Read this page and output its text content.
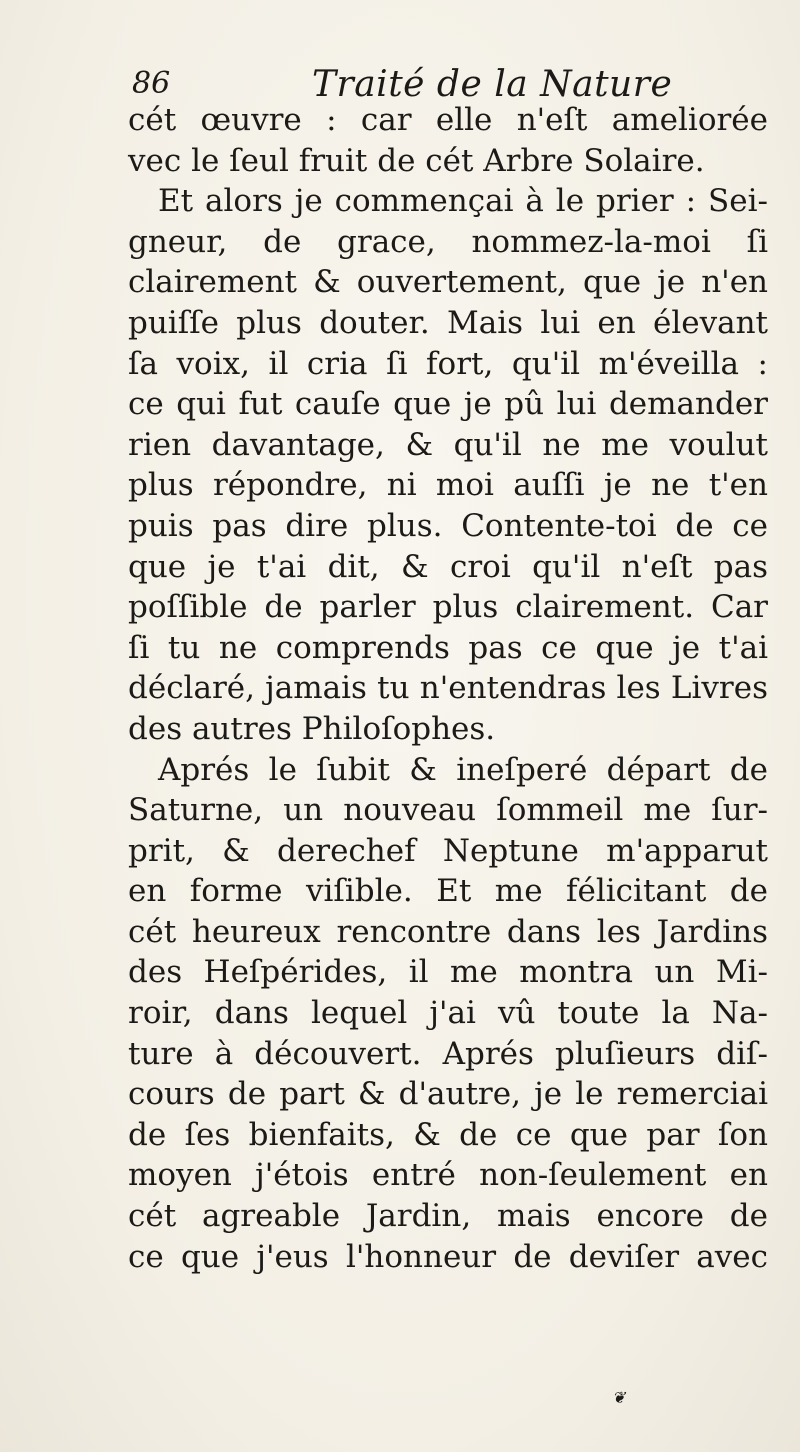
86	Traité de la Nature
cét œuvre : car elle n'eſt ameliorée
vec le ſeul fruit de cét Arbre Solaire.
Et alors je commençai à le prier : Sei-
gneur, de grace, nommez-la-moi ſi
clairement & ouvertement, que je n'en
puiſſe plus douter. Mais lui en élevant
ſa voix, il cria ſi fort, qu'il m'éveilla :
ce qui fut cauſe que je pû lui demander
rien davantage, & qu'il ne me voulut
plus répondre, ni moi auſſi je ne t'en
puis pas dire plus. Contente-toi de ce
que je t'ai dit, & croi qu'il n'eſt pas
poſſible de parler plus clairement. Car
ſi tu ne comprends pas ce que je t'ai
déclaré, jamais tu n'entendras les Livres
des autres Philoſophes.
Aprés le ſubit & ineſperé départ de
Saturne, un nouveau ſommeil me ſur-
prit, & derechef Neptune m'apparut
en forme viſible. Et me félicitant de
cét heureux rencontre dans les Jardins
des Heſpérides, il me montra un Mi-
roir, dans lequel j'ai vû toute la Na-
ture à découvert. Aprés pluſieurs diſ-
cours de part & d'autre, je le remerciai
de ſes bienfaits, & de ce que par ſon
moyen j'étois entré non-ſeulement en
cét agreable Jardin, mais encore de
ce que j'eus l'honneur de deviſer avec
❦
